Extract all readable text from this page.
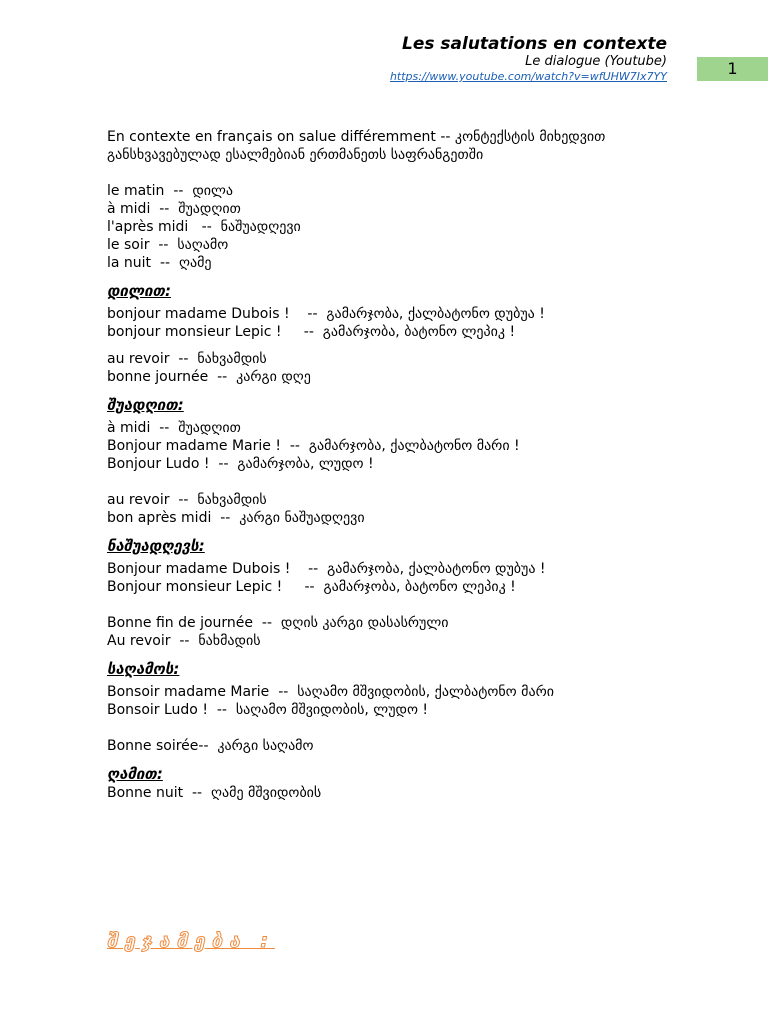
Les salutations en contexte
Le dialogue (Youtube)
https://www.youtube.com/watch?v=wfUHW7Ix7YY	1
En contexte en français on salue différemment -- კონტექსტის მიხედვით
განსხვავებულად ესალმებიან ერთმანეთს საფრანგეთში
le matin  --  დილა
à midi  --  შუადღით
l'après midi   --  ნაშუადღევი
le soir  --  საღამო
la nuit  --  ღამე
დილით:
bonjour madame Dubois !    --  გამარჯობა, ქალბატონო დუბუა !
bonjour monsieur Lepic !     --  გამარჯობა, ბატონო ლეპიკ !
au revoir  --  ნახვამდის
bonne journée  --  კარგი დღე
შუადღით:
à midi  --  შუადღით
Bonjour madame Marie !  --  გამარჯობა, ქალბატონო მარი !
Bonjour Ludo !  --  გამარჯობა, ლუდო !
au revoir  --  ნახვამდის
bon après midi  --  კარგი ნაშუადღევი
ნაშუადღევს:
Bonjour madame Dubois !    --  გამარჯობა, ქალბატონო დუბუა !
Bonjour monsieur Lepic !     --  გამარჯობა, ბატონო ლეპიკ !
Bonne fin de journée  --  დღის კარგი დასასრული
Au revoir  --  ნახმადის
საღამოს:
Bonsoir madame Marie  --  საღამო მშვიდობის, ქალბატონო მარი
Bonsoir Ludo !  --  საღამო მშვიდობის, ლუდო !
Bonne soirée--  კარგი საღამო
ღამით:
Bonne nuit  --  ღამე მშვიდობის
შეჯამება :
